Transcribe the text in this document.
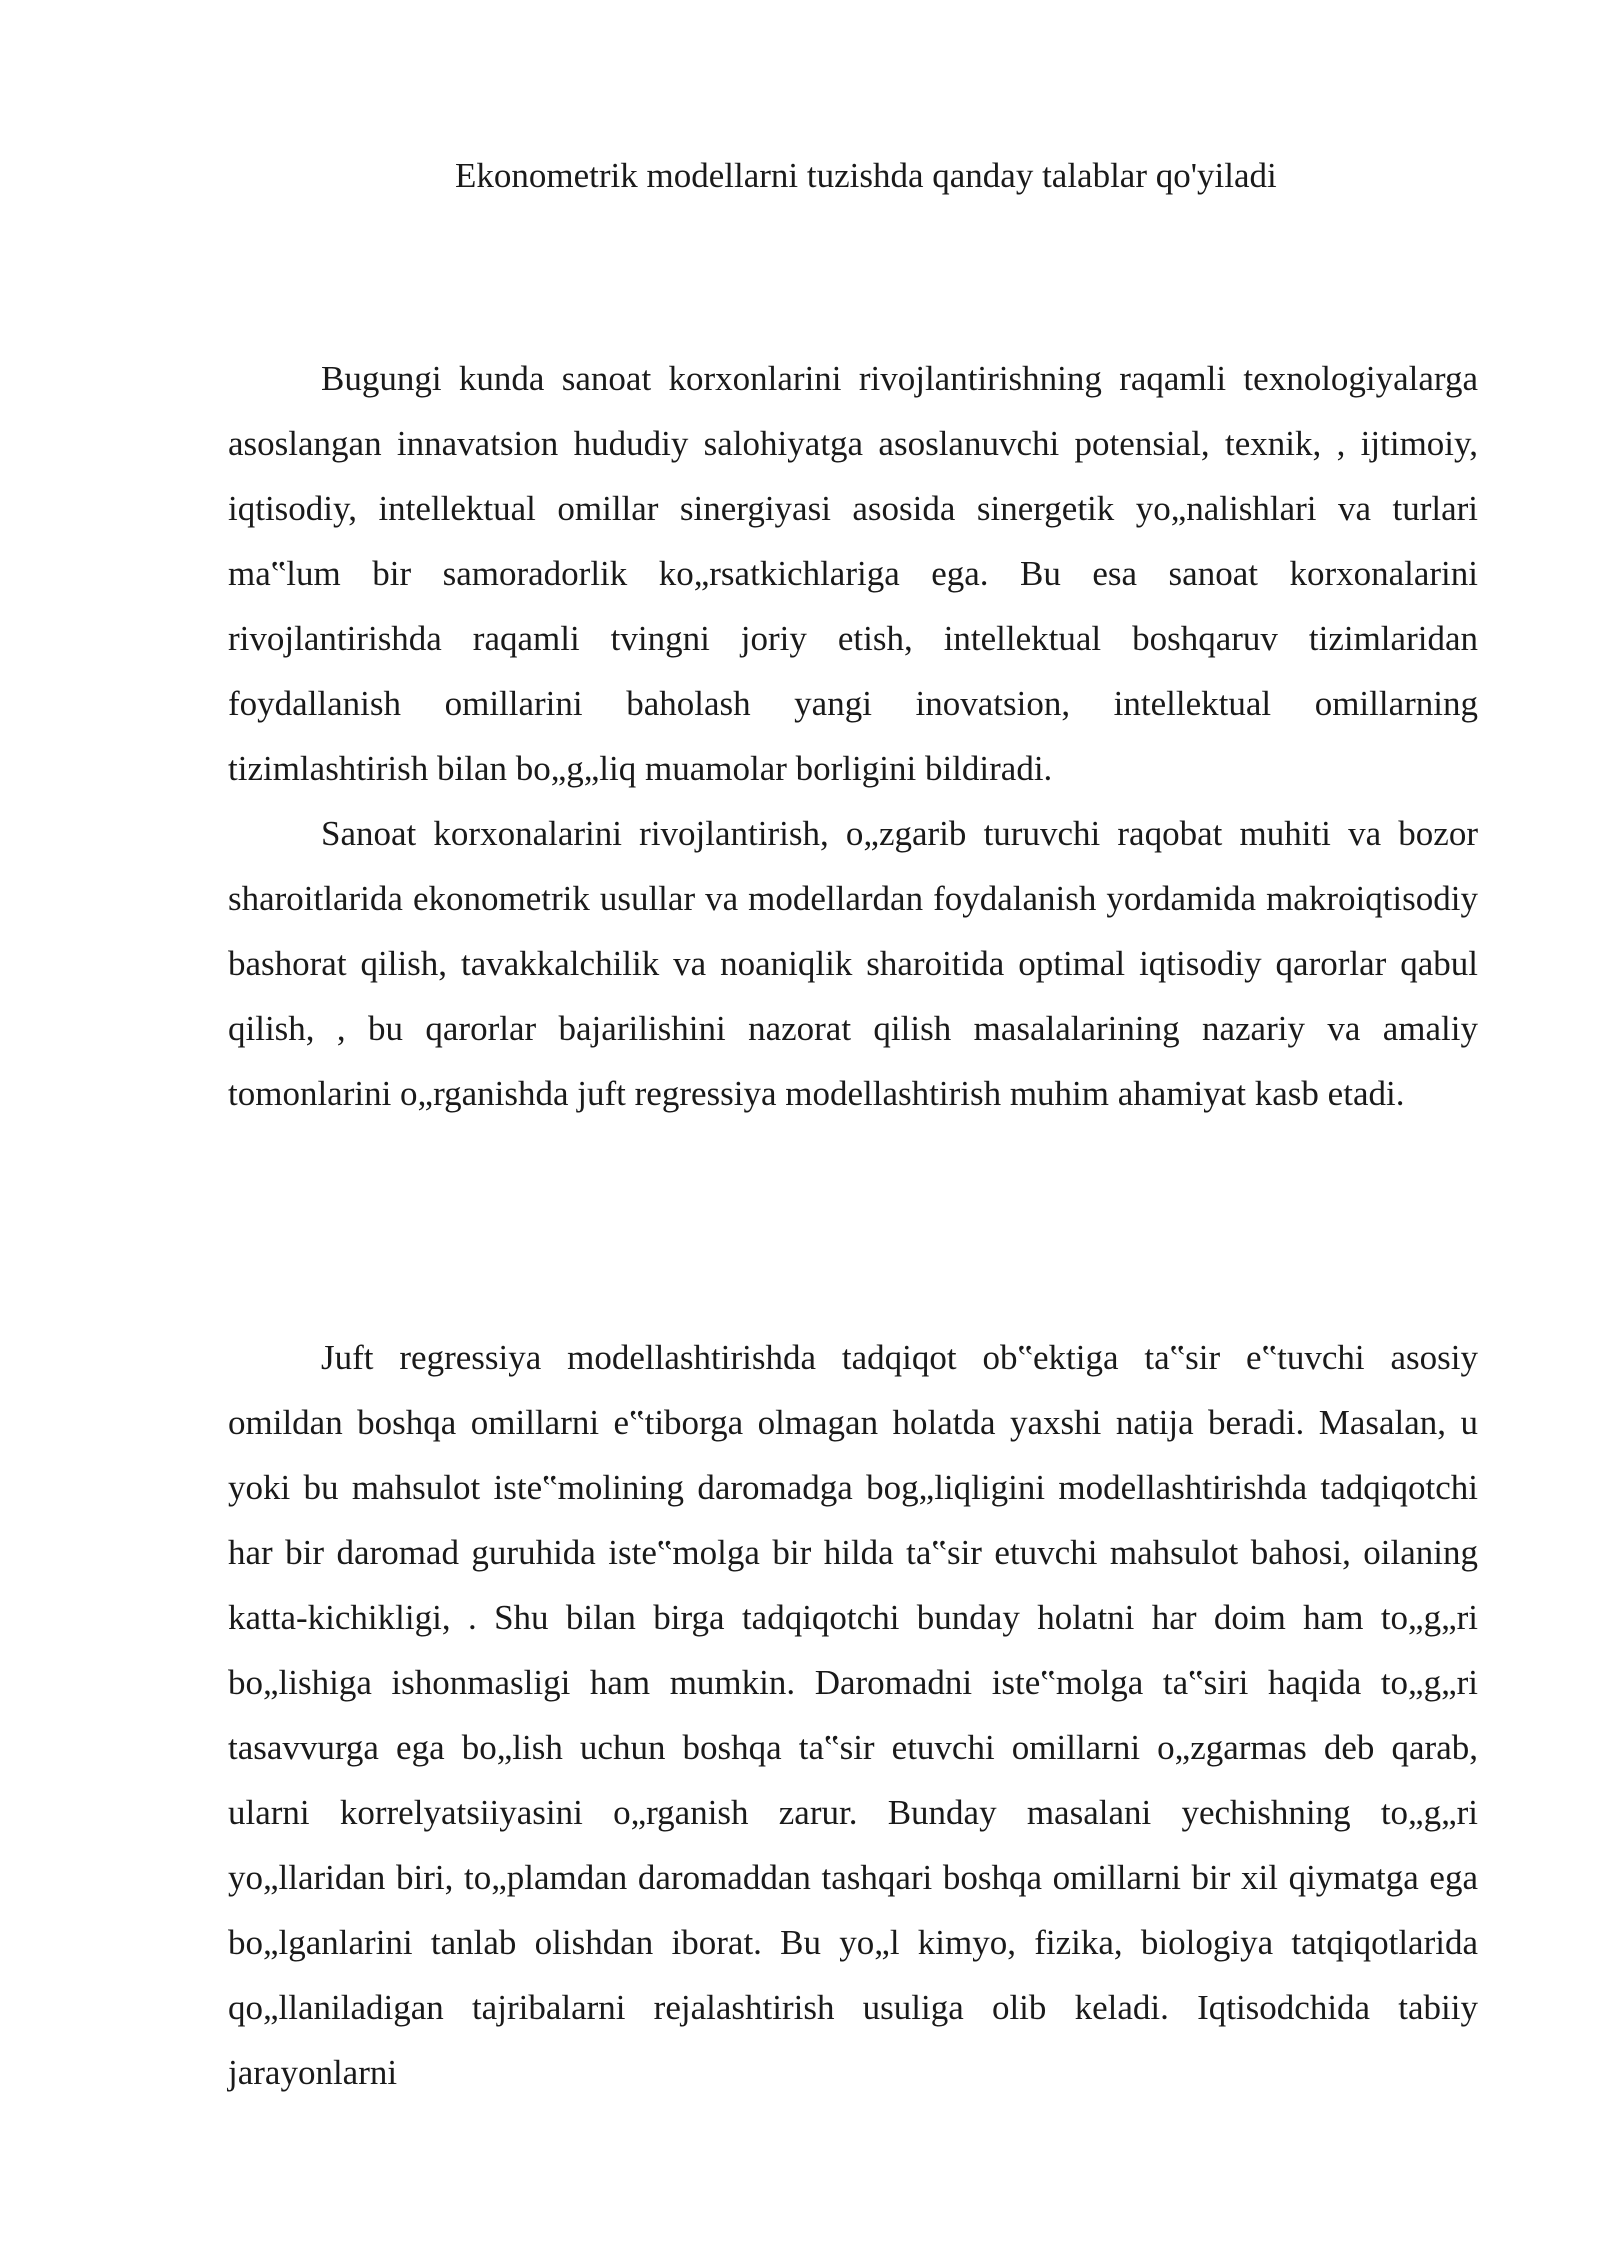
Ekonometrik modellarni tuzishda qanday talablar qo'yiladi

Bugungi kunda sanoat korxonlarini rivojlantirishning raqamli texnologiyalarga asoslangan innavatsion hududiy salohiyatga asoslanuvchi potensial, texnik, , ijtimoiy, iqtisodiy, intellektual omillar sinergiyasi asosida sinergetik yo„nalishlari va turlari ma‟lum bir samoradorlik ko„rsatkichlariga ega. Bu esa sanoat korxonalarini rivojlantirishda raqamli tvingni joriy etish, intellektual boshqaruv tizimlaridan foydallanish omillarini baholash yangi inovatsion, intellektual omillarning tizimlashtirish bilan bo„g„liq muamolar borligini bildiradi.

Sanoat korxonalarini rivojlantirish, o„zgarib turuvchi raqobat muhiti va bozor sharoitlarida ekonometrik usullar va modellardan foydalanish yordamida makroiqtisodiy bashorat qilish, tavakkalchilik va noaniqlik sharoitida optimal iqtisodiy qarorlar qabul qilish, , bu qarorlar bajarilishini nazorat qilish masalalarining nazariy va amaliy tomonlarini o„rganishda juft regressiya modellashtirish muhim ahamiyat kasb etadi.

Juft regressiya modellashtirishda tadqiqot ob‟ektiga ta‟sir e‟tuvchi asosiy omildan boshqa omillarni e‟tiborga olmagan holatda yaxshi natija beradi. Masalan, u yoki bu mahsulot iste‟molining daromadga bog„liqligini modellashtirishda tadqiqotchi har bir daromad guruhida iste‟molga bir hilda ta‟sir etuvchi mahsulot bahosi, oilaning katta-kichikligi, . Shu bilan birga tadqiqotchi bunday holatni har doim ham to„g„ri bo„lishiga ishonmasligi ham mumkin. Daromadni iste‟molga ta‟siri haqida to„g„ri tasavvurga ega bo„lish uchun boshqa ta‟sir etuvchi omillarni o„zgarmas deb qarab, ularni korrelyatsiiyasini o„rganish zarur. Bunday masalani yechishning to„g„ri yo„llaridan biri, to„plamdan daromaddan tashqari boshqa omillarni bir xil qiymatga ega bo„lganlarini tanlab olishdan iborat. Bu yo„l kimyo, fizika, biologiya tatqiqotlarida qo„llaniladigan tajribalarni rejalashtirish usuliga olib keladi. Iqtisodchida tabiiy jarayonlarni
